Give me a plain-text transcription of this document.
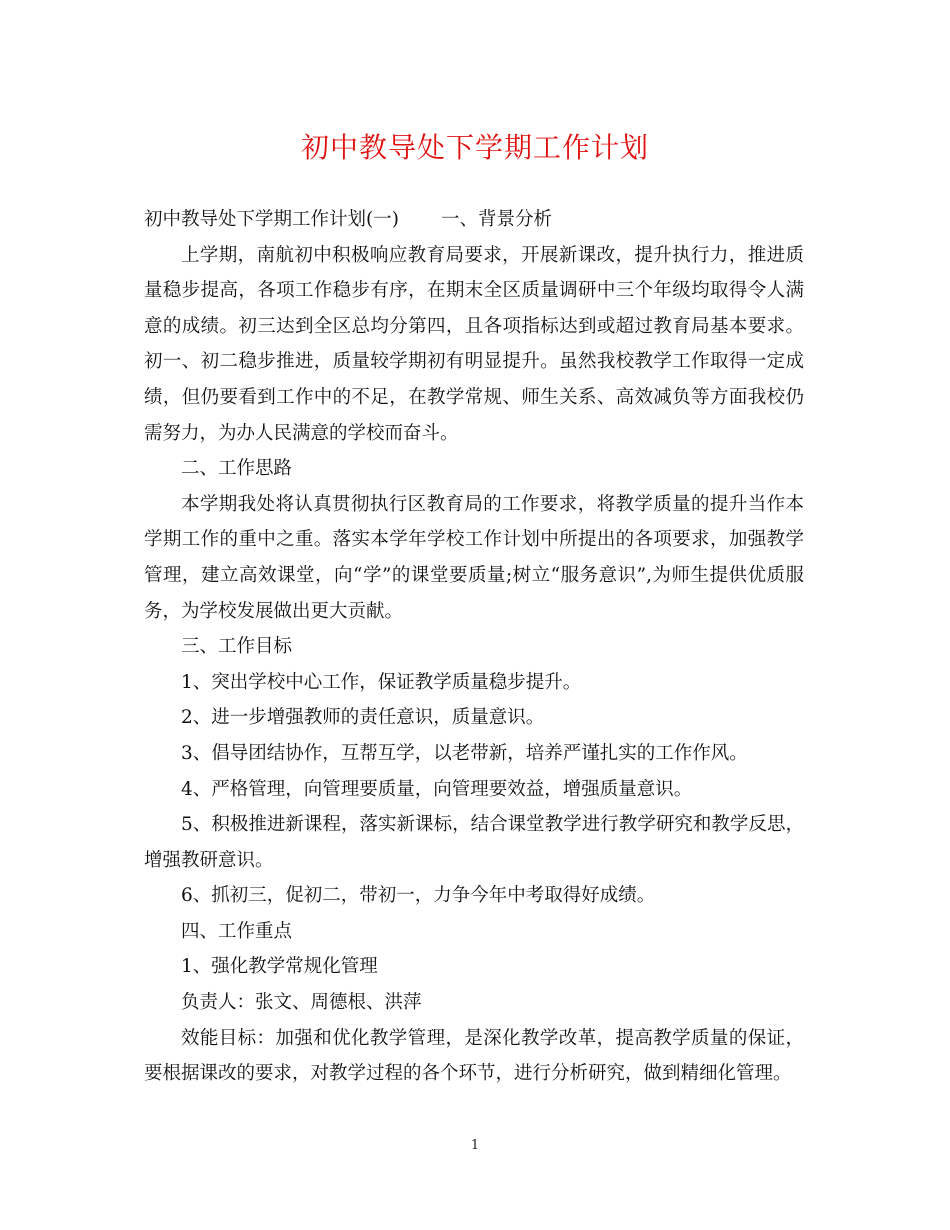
初中教导处下学期工作计划

初中教导处下学期工作计划(一) 一、背景分析

上学期，南航初中积极响应教育局要求，开展新课改，提升执行力，推进质量稳步提高，各项工作稳步有序，在期末全区质量调研中三个年级均取得令人满意的成绩。初三达到全区总均分第四，且各项指标达到或超过教育局基本要求。初一、初二稳步推进，质量较学期初有明显提升。虽然我校教学工作取得一定成绩，但仍要看到工作中的不足，在教学常规、师生关系、高效减负等方面我校仍需努力，为办人民满意的学校而奋斗。

二、工作思路

本学期我处将认真贯彻执行区教育局的工作要求，将教学质量的提升当作本学期工作的重中之重。落实本学年学校工作计划中所提出的各项要求，加强教学管理，建立高效课堂，向“学”的课堂要质量;树立“服务意识”,为师生提供优质服务，为学校发展做出更大贡献。

三、工作目标

1、突出学校中心工作，保证教学质量稳步提升。

2、进一步增强教师的责任意识，质量意识。

3、倡导团结协作，互帮互学，以老带新，培养严谨扎实的工作作风。

4、严格管理，向管理要质量，向管理要效益，增强质量意识。

5、积极推进新课程，落实新课标，结合课堂教学进行教学研究和教学反思，增强教研意识。

6、抓初三，促初二，带初一，力争今年中考取得好成绩。

四、工作重点

1、强化教学常规化管理

负责人：张文、周德根、洪萍

效能目标：加强和优化教学管理，是深化教学改革，提高教学质量的保证，要根据课改的要求，对教学过程的各个环节，进行分析研究，做到精细化管理。

1
